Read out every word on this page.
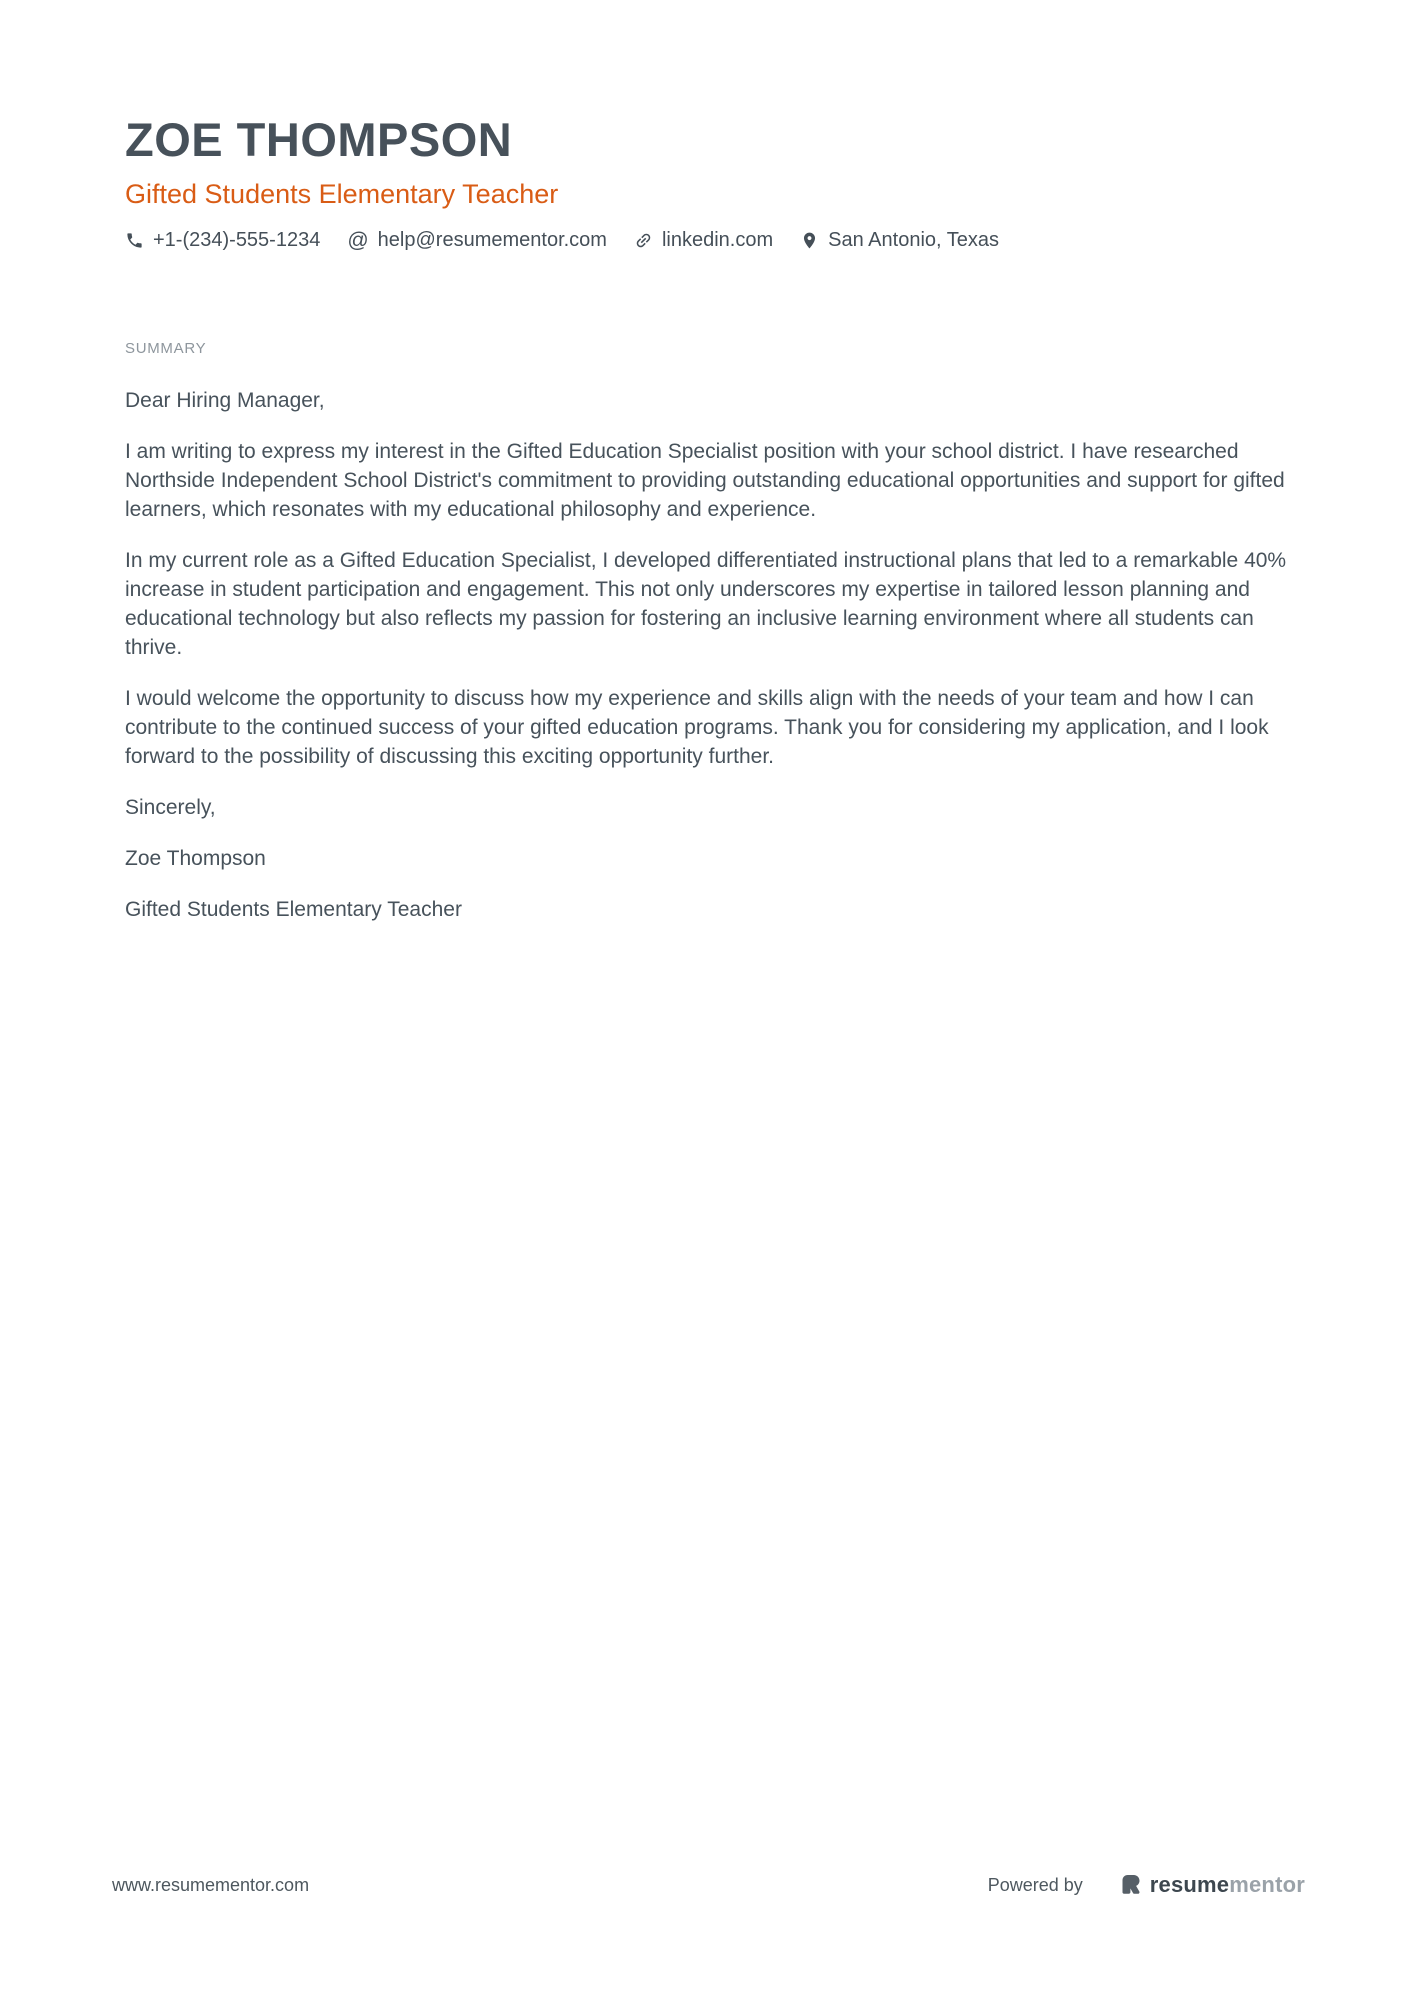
ZOE THOMPSON
Gifted Students Elementary Teacher
+1-(234)-555-1234 @ help@resumementor.com	linkedin.com	San Antonio, Texas
SUMMARY

Dear Hiring Manager,

I am writing to express my interest in the Gifted Education Specialist position with your school district. I have researched Northside Independent School District's commitment to providing outstanding educational opportunities and support for gifted learners, which resonates with my educational philosophy and experience.

In my current role as a Gifted Education Specialist, I developed differentiated instructional plans that led to a remarkable 40% increase in student participation and engagement. This not only underscores my expertise in tailored lesson planning and educational technology but also reflects my passion for fostering an inclusive learning environment where all students can thrive.

I would welcome the opportunity to discuss how my experience and skills align with the needs of your team and how I can contribute to the continued success of your gifted education programs. Thank you for considering my application, and I look forward to the possibility of discussing this exciting opportunity further.

Sincerely,

Zoe Thompson

Gifted Students Elementary Teacher

www.resumementor.com	Powered by	resumementor
